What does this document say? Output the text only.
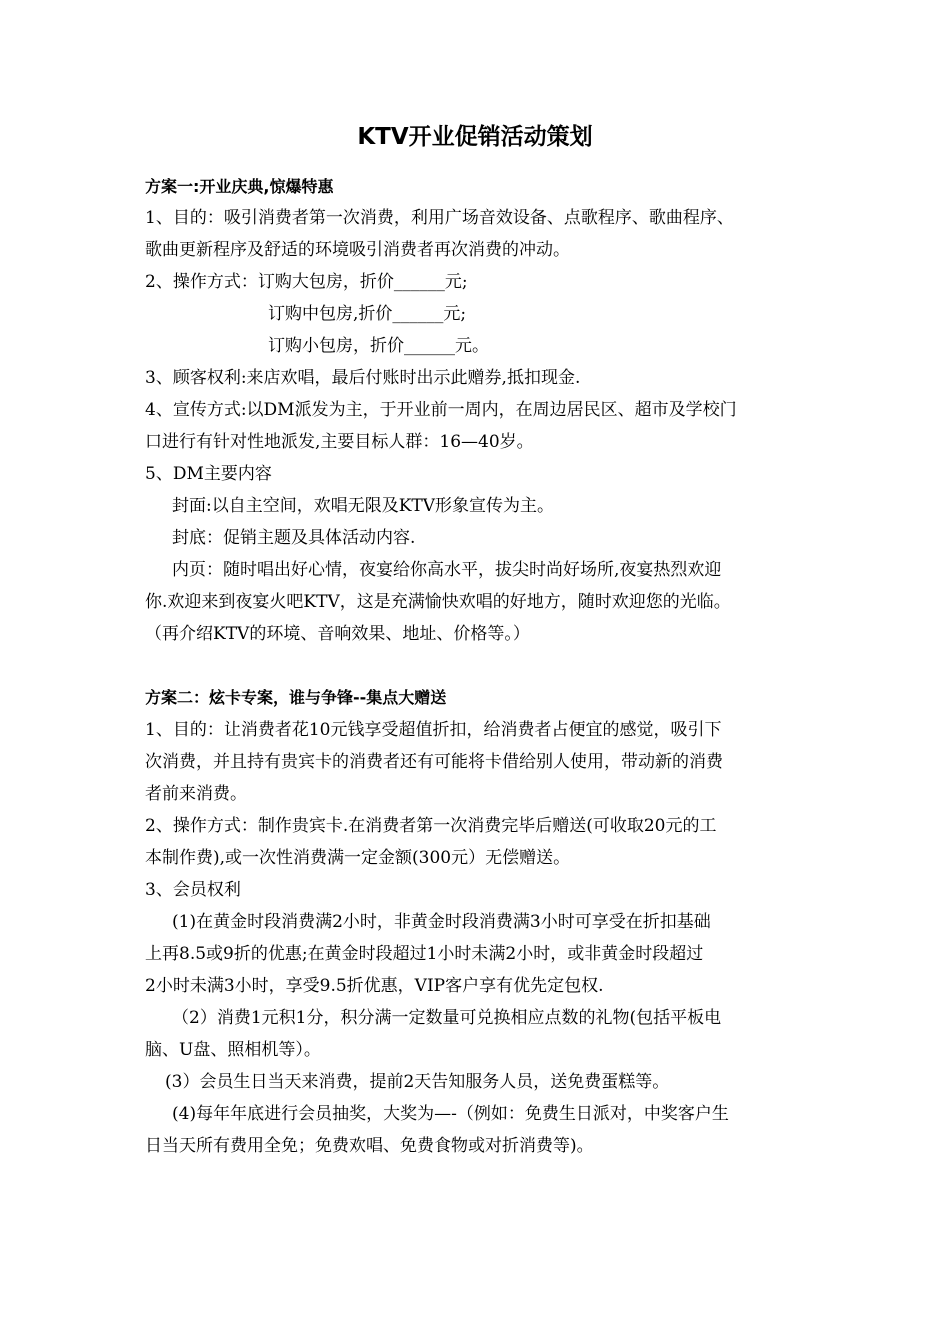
KTV开业促销活动策划
方案一:开业庆典,惊爆特惠
1、目的：吸引消费者第一次消费，利用广场音效设备、点歌程序、歌曲程序、
歌曲更新程序及舒适的环境吸引消费者再次消费的冲动。
2、操作方式：订购大包房，折价______元;
订购中包房,折价______元;
订购小包房，折价______元。
3、顾客权利:来店欢唱，最后付账时出示此赠券,抵扣现金.
4、宣传方式:以DM派发为主，于开业前一周内，在周边居民区、超市及学校门
口进行有针对性地派发,主要目标人群：16—40岁。
5、DM主要内容
封面:以自主空间，欢唱无限及KTV形象宣传为主。
封底：促销主题及具体活动内容.
内页：随时唱出好心情，夜宴给你高水平，拔尖时尚好场所,夜宴热烈欢迎
你.欢迎来到夜宴火吧KTV，这是充满愉快欢唱的好地方，随时欢迎您的光临。
（再介绍KTV的环境、音响效果、地址、价格等。）
方案二：炫卡专案，谁与争锋--集点大赠送
1、目的：让消费者花10元钱享受超值折扣，给消费者占便宜的感觉，吸引下
次消费，并且持有贵宾卡的消费者还有可能将卡借给别人使用，带动新的消费
者前来消费。
2、操作方式：制作贵宾卡.在消费者第一次消费完毕后赠送(可收取20元的工
本制作费),或一次性消费满一定金额(300元）无偿赠送。
3、会员权利
(1)在黄金时段消费满2小时，非黄金时段消费满3小时可享受在折扣基础
上再8.5或9折的优惠;在黄金时段超过1小时未满2小时，或非黄金时段超过
2小时未满3小时，享受9.5折优惠，VIP客户享有优先定包权.
（2）消费1元积1分，积分满一定数量可兑换相应点数的礼物(包括平板电
脑、U盘、照相机等）。
(3）会员生日当天来消费，提前2天告知服务人员，送免费蛋糕等。
(4)每年年底进行会员抽奖，大奖为—-（例如：免费生日派对，中奖客户生
日当天所有费用全免；免费欢唱、免费食物或对折消费等)。
